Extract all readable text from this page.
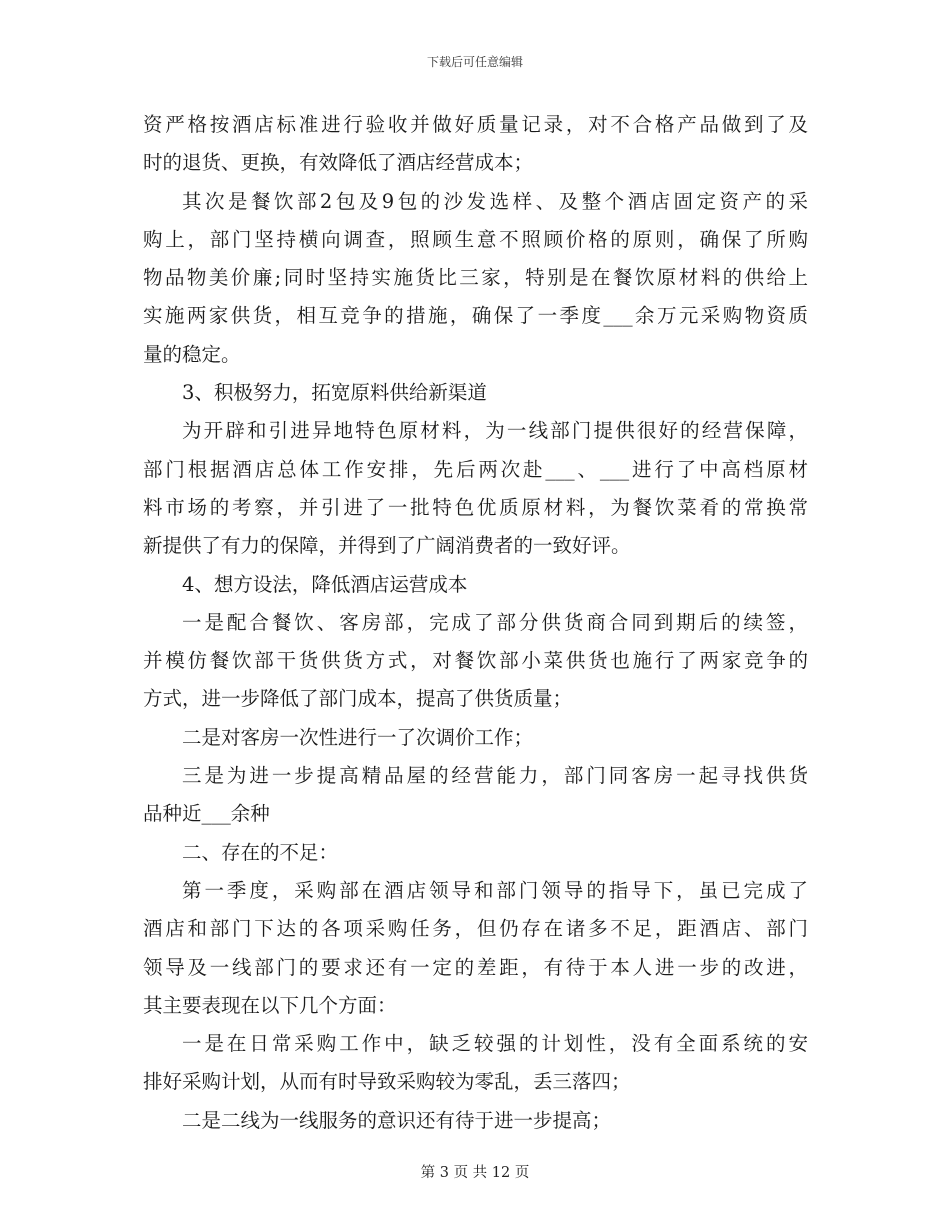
下载后可任意编辑
资严格按酒店标准进行验收并做好质量记录，对不合格产品做到了及
时的退货、更换，有效降低了酒店经营成本；
其次是餐饮部2包及9包的沙发选样、及整个酒店固定资产的采
购上，部门坚持横向调查，照顾生意不照顾价格的原则，确保了所购
物品物美价廉;同时坚持实施货比三家，特别是在餐饮原材料的供给上
实施两家供货，相互竞争的措施，确保了一季度___余万元采购物资质
量的稳定。
3、积极努力，拓宽原料供给新渠道
为开辟和引进异地特色原材料，为一线部门提供很好的经营保障，
部门根据酒店总体工作安排，先后两次赴___、___进行了中高档原材
料市场的考察，并引进了一批特色优质原材料，为餐饮菜肴的常换常
新提供了有力的保障，并得到了广阔消费者的一致好评。
4、想方设法，降低酒店运营成本
一是配合餐饮、客房部，完成了部分供货商合同到期后的续签，
并模仿餐饮部干货供货方式，对餐饮部小菜供货也施行了两家竞争的
方式，进一步降低了部门成本，提高了供货质量；
二是对客房一次性进行一了次调价工作；
三是为进一步提高精品屋的经营能力，部门同客房一起寻找供货
品种近___余种
二、存在的不足：
第一季度，采购部在酒店领导和部门领导的指导下，虽已完成了
酒店和部门下达的各项采购任务，但仍存在诸多不足，距酒店、部门
领导及一线部门的要求还有一定的差距，有待于本人进一步的改进，
其主要表现在以下几个方面：
一是在日常采购工作中，缺乏较强的计划性，没有全面系统的安
排好采购计划，从而有时导致采购较为零乱，丢三落四；
二是二线为一线服务的意识还有待于进一步提高；
第 3 页 共 12 页
